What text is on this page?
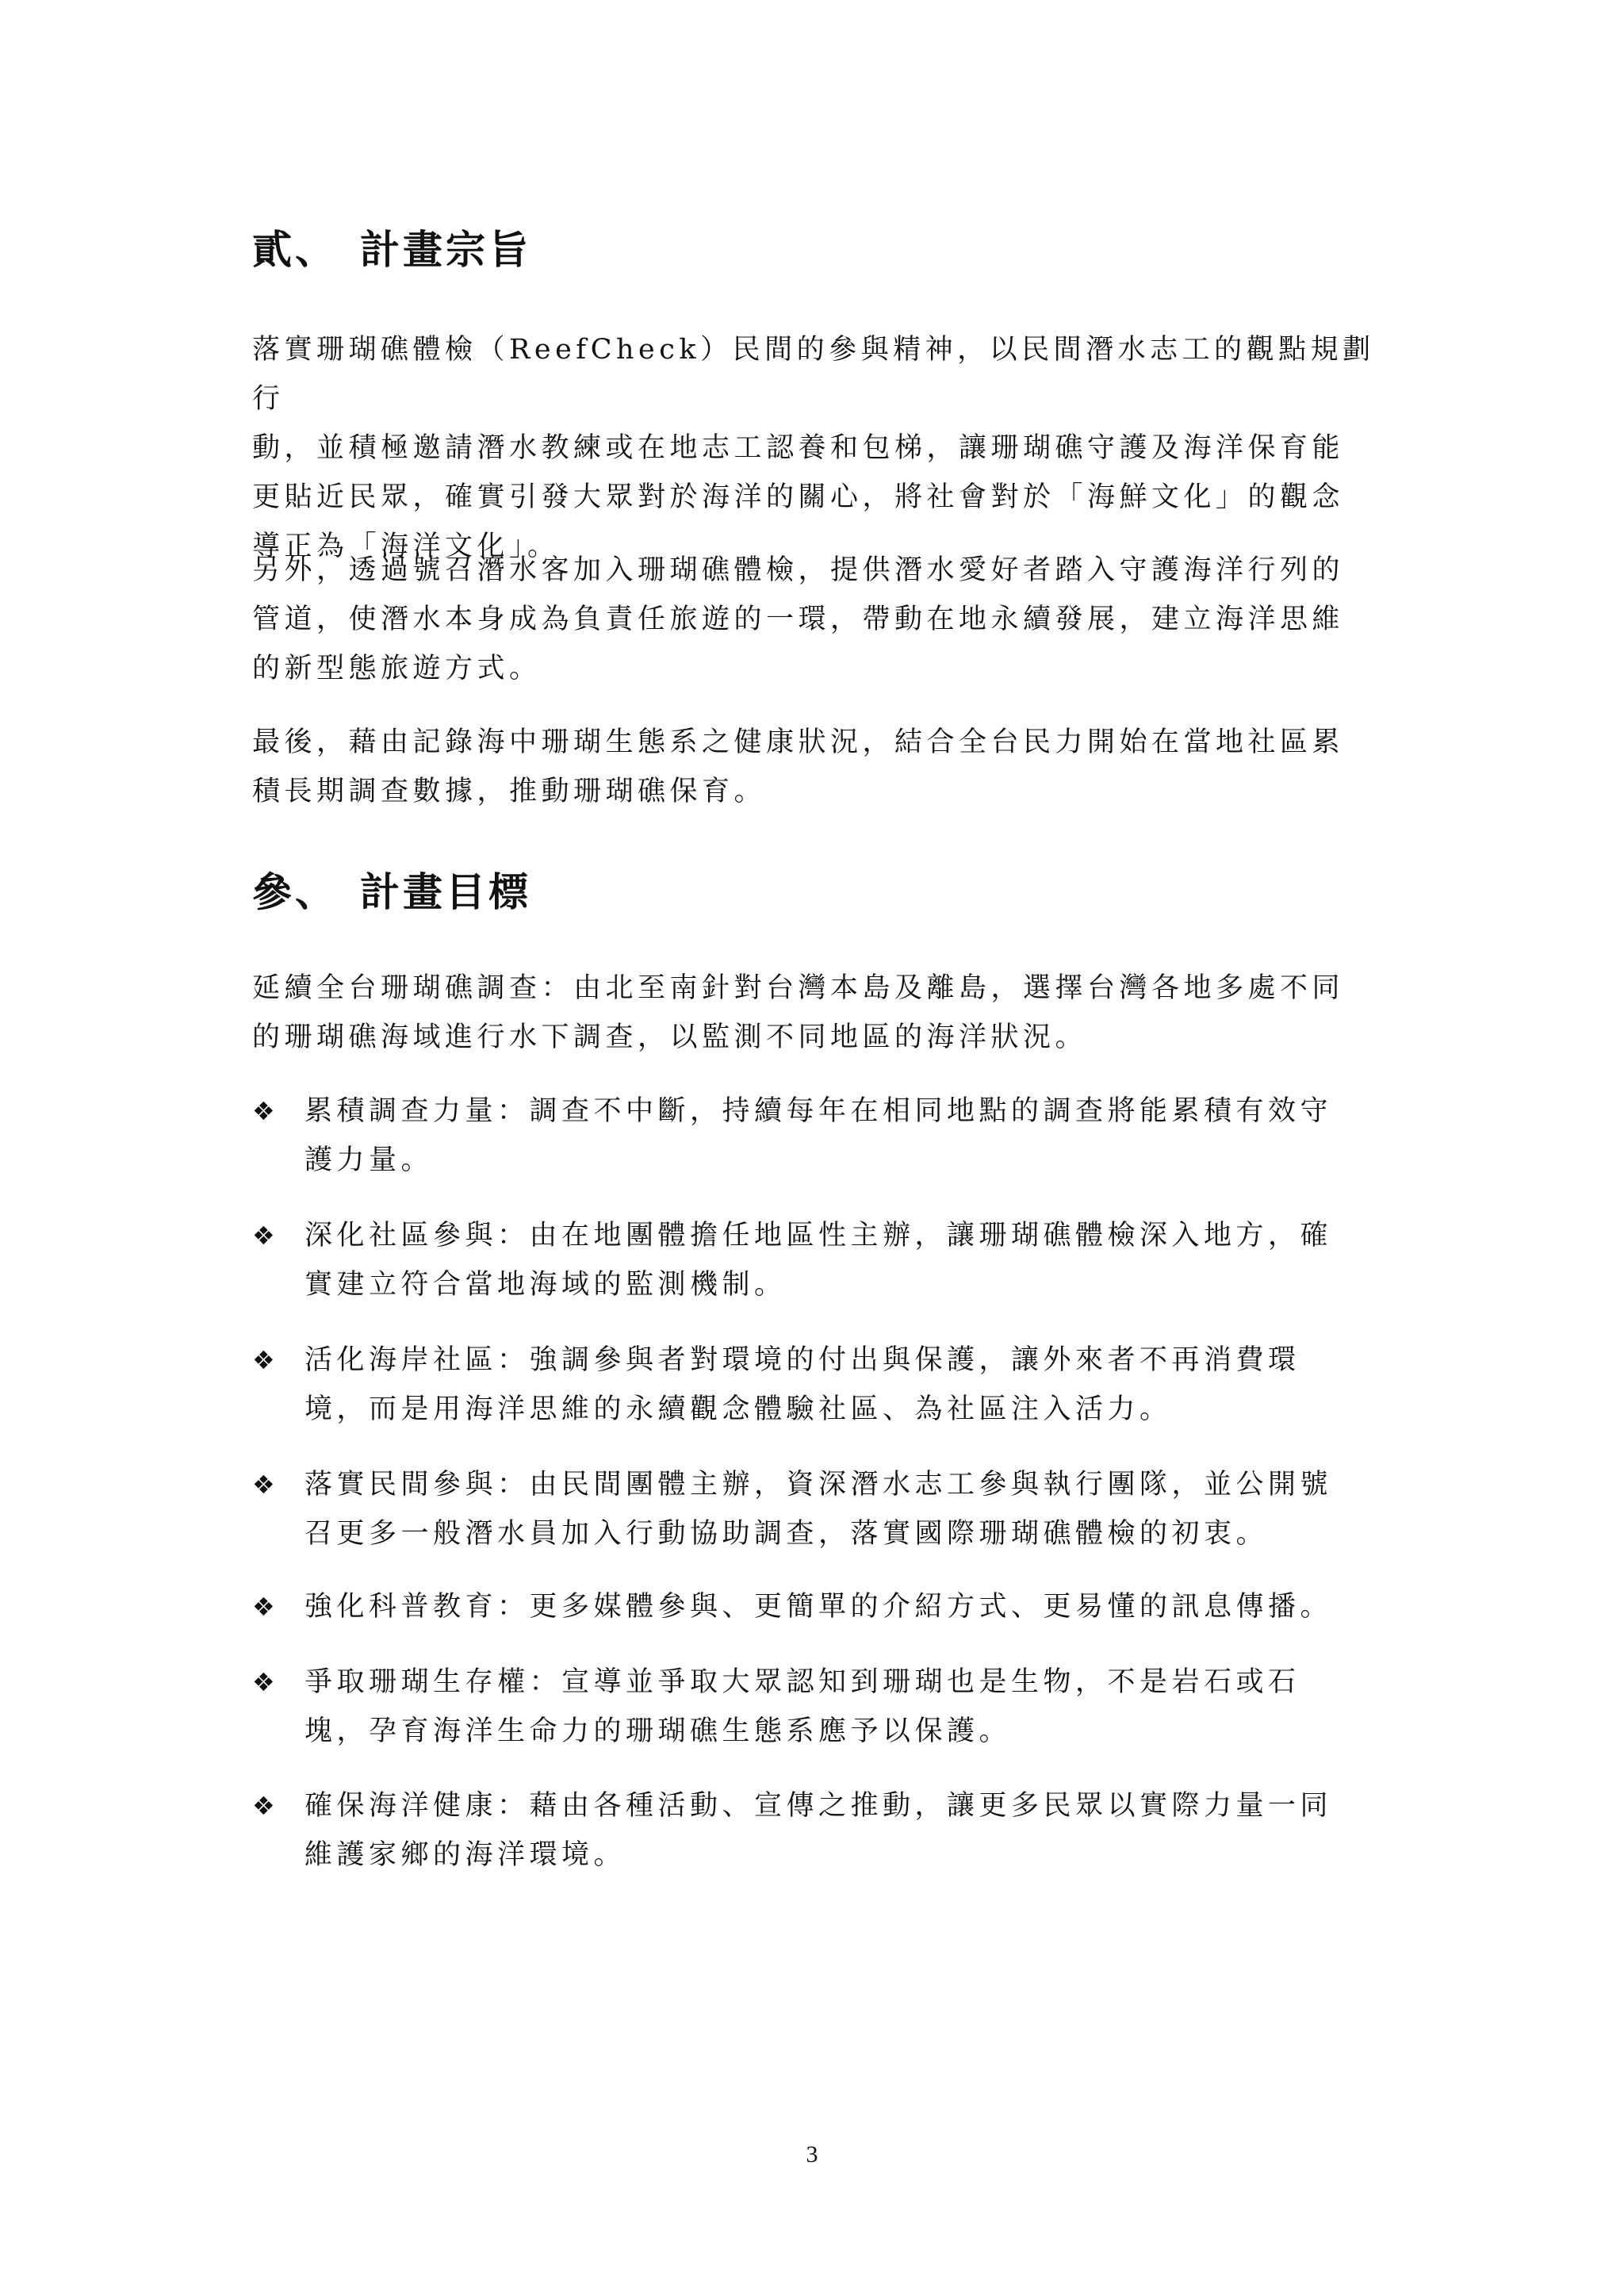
貳、 計畫宗旨

落實珊瑚礁體檢（ReefCheck）民間的參與精神，以民間潛水志工的觀點規劃行
動，並積極邀請潛水教練或在地志工認養和包梯，讓珊瑚礁守護及海洋保育能
更貼近民眾，確實引發大眾對於海洋的關心，將社會對於「海鮮文化」的觀念
導正為「海洋文化」。

另外，透過號召潛水客加入珊瑚礁體檢，提供潛水愛好者踏入守護海洋行列的
管道，使潛水本身成為負責任旅遊的一環，帶動在地永續發展，建立海洋思維
的新型態旅遊方式。

最後，藉由記錄海中珊瑚生態系之健康狀況，結合全台民力開始在當地社區累
積長期調查數據，推動珊瑚礁保育。

參、 計畫目標

延續全台珊瑚礁調查：由北至南針對台灣本島及離島，選擇台灣各地多處不同
的珊瑚礁海域進行水下調查，以監測不同地區的海洋狀況。

❖	累積調查力量：調查不中斷，持續每年在相同地點的調查將能累積有效守
護力量。
❖	深化社區參與：由在地團體擔任地區性主辦，讓珊瑚礁體檢深入地方，確
實建立符合當地海域的監測機制。
❖	活化海岸社區：強調參與者對環境的付出與保護，讓外來者不再消費環
境，而是用海洋思維的永續觀念體驗社區、為社區注入活力。
❖	落實民間參與：由民間團體主辦，資深潛水志工參與執行團隊，並公開號
召更多一般潛水員加入行動協助調查，落實國際珊瑚礁體檢的初衷。
❖	強化科普教育：更多媒體參與、更簡單的介紹方式、更易懂的訊息傳播。
❖	爭取珊瑚生存權：宣導並爭取大眾認知到珊瑚也是生物，不是岩石或石
塊，孕育海洋生命力的珊瑚礁生態系應予以保護。
❖	確保海洋健康：藉由各種活動、宣傳之推動，讓更多民眾以實際力量一同
維護家鄉的海洋環境。
3
